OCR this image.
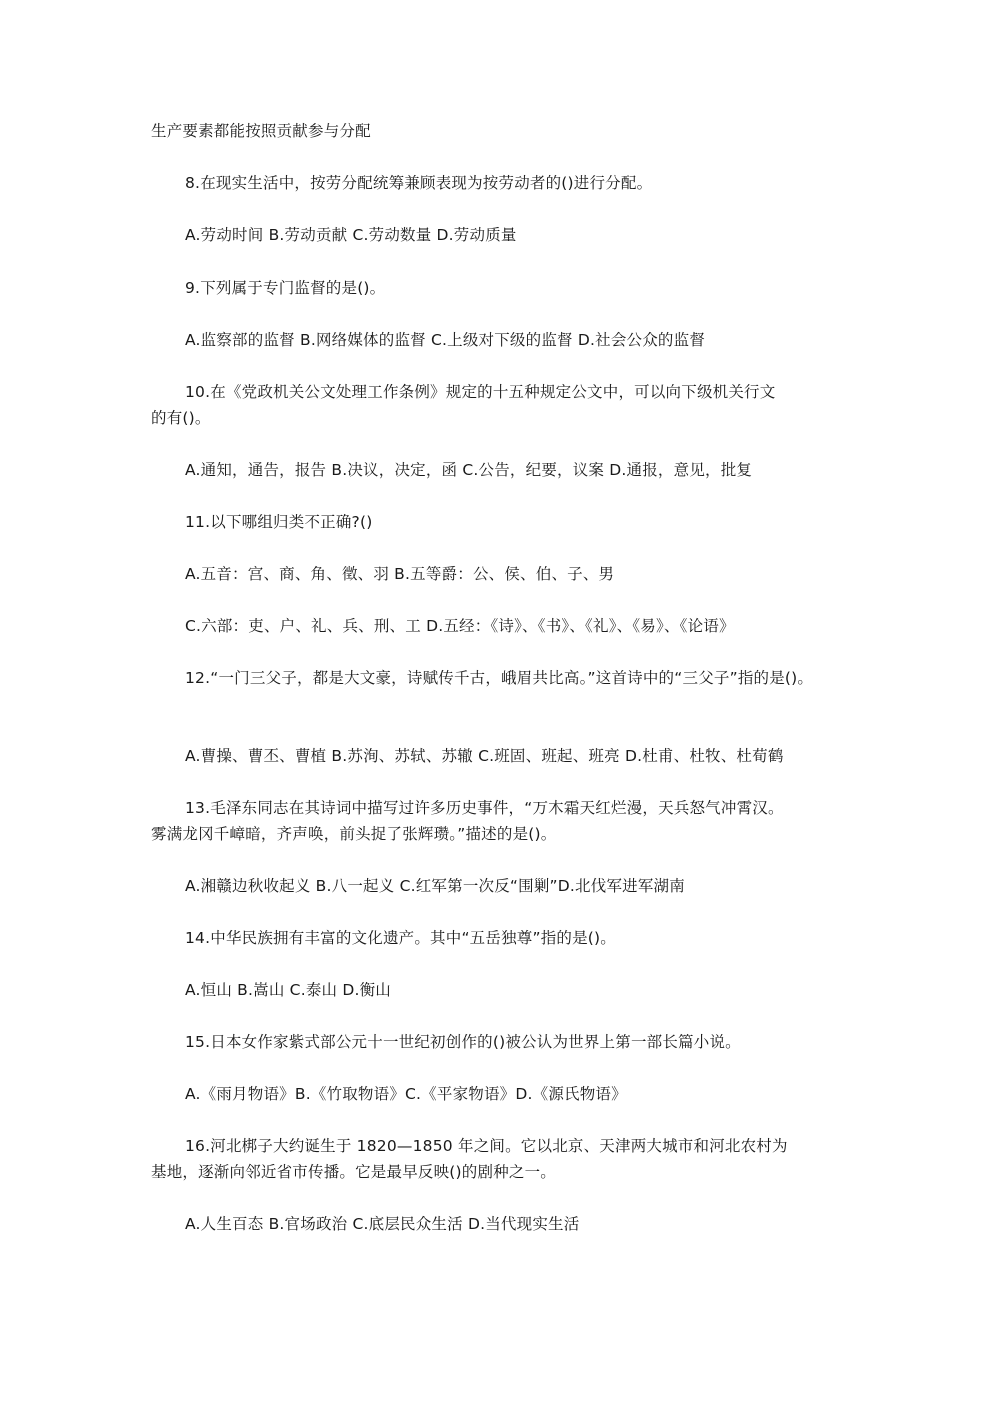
生产要素都能按照贡献参与分配
8.在现实生活中，按劳分配统筹兼顾表现为按劳动者的()进行分配。
A.劳动时间 B.劳动贡献 C.劳动数量 D.劳动质量
9.下列属于专门监督的是()。
A.监察部的监督 B.网络媒体的监督 C.上级对下级的监督 D.社会公众的监督
10.在《党政机关公文处理工作条例》规定的十五种规定公文中，可以向下级机关行文
的有()。
A.通知，通告，报告 B.决议，决定，函 C.公告，纪要，议案 D.通报，意见，批复
11.以下哪组归类不正确?()
A.五音：宫、商、角、徵、羽 B.五等爵：公、侯、伯、子、男
C.六部：吏、户、礼、兵、刑、工 D.五经：《诗》、《书》、《礼》、《易》、《论语》
12.“一门三父子，都是大文豪，诗赋传千古，峨眉共比高。”这首诗中的“三父子”指的是()。
A.曹操、曹丕、曹植 B.苏洵、苏轼、苏辙 C.班固、班起、班亮 D.杜甫、杜牧、杜荀鹤
13.毛泽东同志在其诗词中描写过许多历史事件，“万木霜天红烂漫，天兵怒气冲霄汉。
雾满龙冈千嶂暗，齐声唤，前头捉了张辉瓒。”描述的是()。
A.湘赣边秋收起义 B.八一起义 C.红军第一次反“围剿”D.北伐军进军湖南
14.中华民族拥有丰富的文化遗产。其中“五岳独尊”指的是()。
A.恒山 B.嵩山 C.泰山 D.衡山
15.日本女作家紫式部公元十一世纪初创作的()被公认为世界上第一部长篇小说。
A.《雨月物语》B.《竹取物语》C.《平家物语》D.《源氏物语》
16.河北梆子大约诞生于 1820—1850 年之间。它以北京、天津两大城市和河北农村为
基地，逐渐向邻近省市传播。它是最早反映()的剧种之一。
A.人生百态 B.官场政治 C.底层民众生活 D.当代现实生活
